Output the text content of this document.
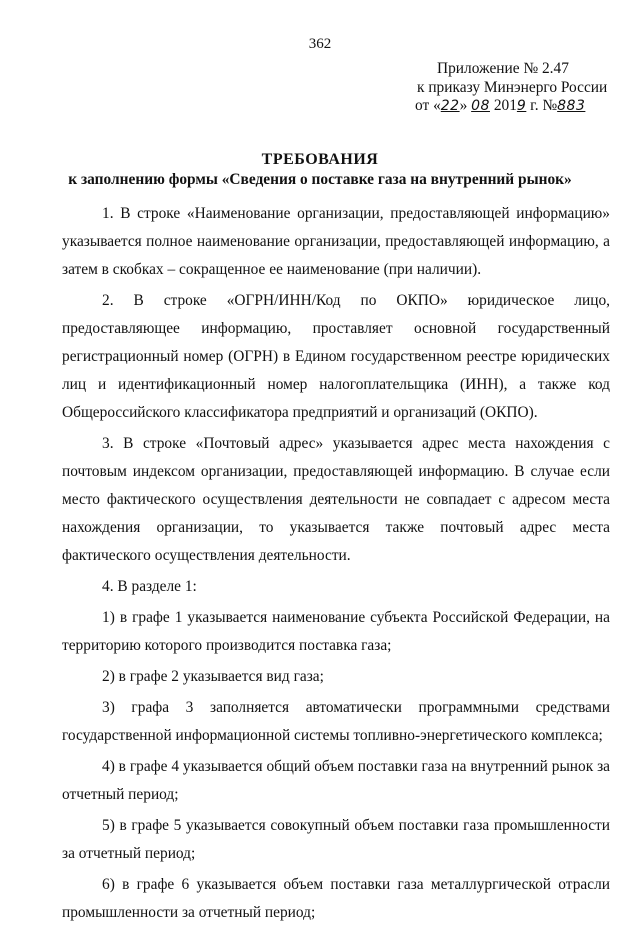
362
Приложение № 2.47
к приказу Минэнерго России
от «22» 08 2019 г. №883
ТРЕБОВАНИЯ
к заполнению формы «Сведения о поставке газа на внутренний рынок»

1. В строке «Наименование организации, предоставляющей информацию» указывается полное наименование организации, предоставляющей информацию, а затем в скобках – сокращенное ее наименование (при наличии).

2. В строке «ОГРН/ИНН/Код по ОКПО» юридическое лицо, предоставляющее информацию, проставляет основной государственный регистрационный номер (ОГРН) в Едином государственном реестре юридических лиц и идентификационный номер налогоплательщика (ИНН), а также код Общероссийского классификатора предприятий и организаций (ОКПО).

3. В строке «Почтовый адрес» указывается адрес места нахождения с почтовым индексом организации, предоставляющей информацию. В случае если место фактического осуществления деятельности не совпадает с адресом места нахождения организации, то указывается также почтовый адрес места фактического осуществления деятельности.

4. В разделе 1:

1) в графе 1 указывается наименование субъекта Российской Федерации, на территорию которого производится поставка газа;

2) в графе 2 указывается вид газа;

3) графа 3 заполняется автоматически программными средствами государственной информационной системы топливно-энергетического комплекса;

4) в графе 4 указывается общий объем поставки газа на внутренний рынок за отчетный период;

5) в графе 5 указывается совокупный объем поставки газа промышленности за отчетный период;

6) в графе 6 указывается объем поставки газа металлургической отрасли промышленности за отчетный период;
